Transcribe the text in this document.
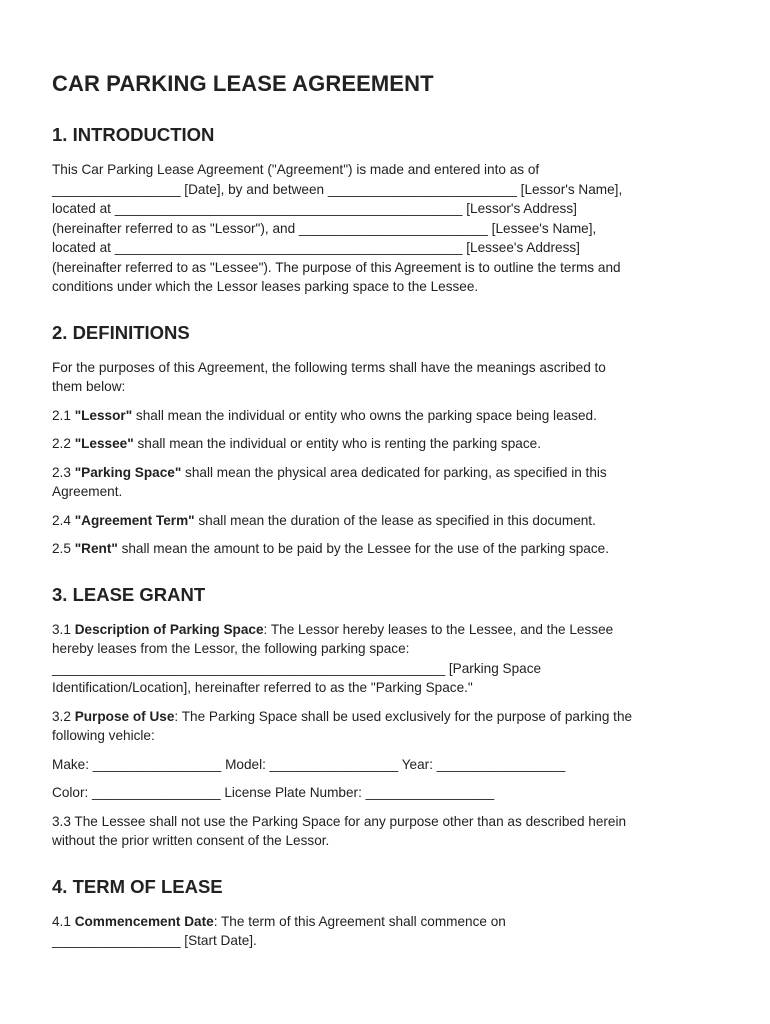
CAR PARKING LEASE AGREEMENT
1. INTRODUCTION

This Car Parking Lease Agreement ("Agreement") is made and entered into as of
_________________ [Date], by and between _________________________ [Lessor's Name],
located at ______________________________________________ [Lessor's Address]
(hereinafter referred to as "Lessor"), and _________________________ [Lessee's Name],
located at ______________________________________________ [Lessee's Address]
(hereinafter referred to as "Lessee"). The purpose of this Agreement is to outline the terms and
conditions under which the Lessor leases parking space to the Lessee.

2. DEFINITIONS

For the purposes of this Agreement, the following terms shall have the meanings ascribed to
them below:

2.1 "Lessor" shall mean the individual or entity who owns the parking space being leased.

2.2 "Lessee" shall mean the individual or entity who is renting the parking space.

2.3 "Parking Space" shall mean the physical area dedicated for parking, as specified in this
Agreement.

2.4 "Agreement Term" shall mean the duration of the lease as specified in this document.

2.5 "Rent" shall mean the amount to be paid by the Lessee for the use of the parking space.

3. LEASE GRANT

3.1 Description of Parking Space: The Lessor hereby leases to the Lessee, and the Lessee
hereby leases from the Lessor, the following parking space:
____________________________________________________ [Parking Space
Identification/Location], hereinafter referred to as the "Parking Space."

3.2 Purpose of Use: The Parking Space shall be used exclusively for the purpose of parking the
following vehicle:

Make: _________________ Model: _________________ Year: _________________

Color: _________________ License Plate Number: _________________

3.3 The Lessee shall not use the Parking Space for any purpose other than as described herein
without the prior written consent of the Lessor.

4. TERM OF LEASE

4.1 Commencement Date: The term of this Agreement shall commence on
_________________ [Start Date].
